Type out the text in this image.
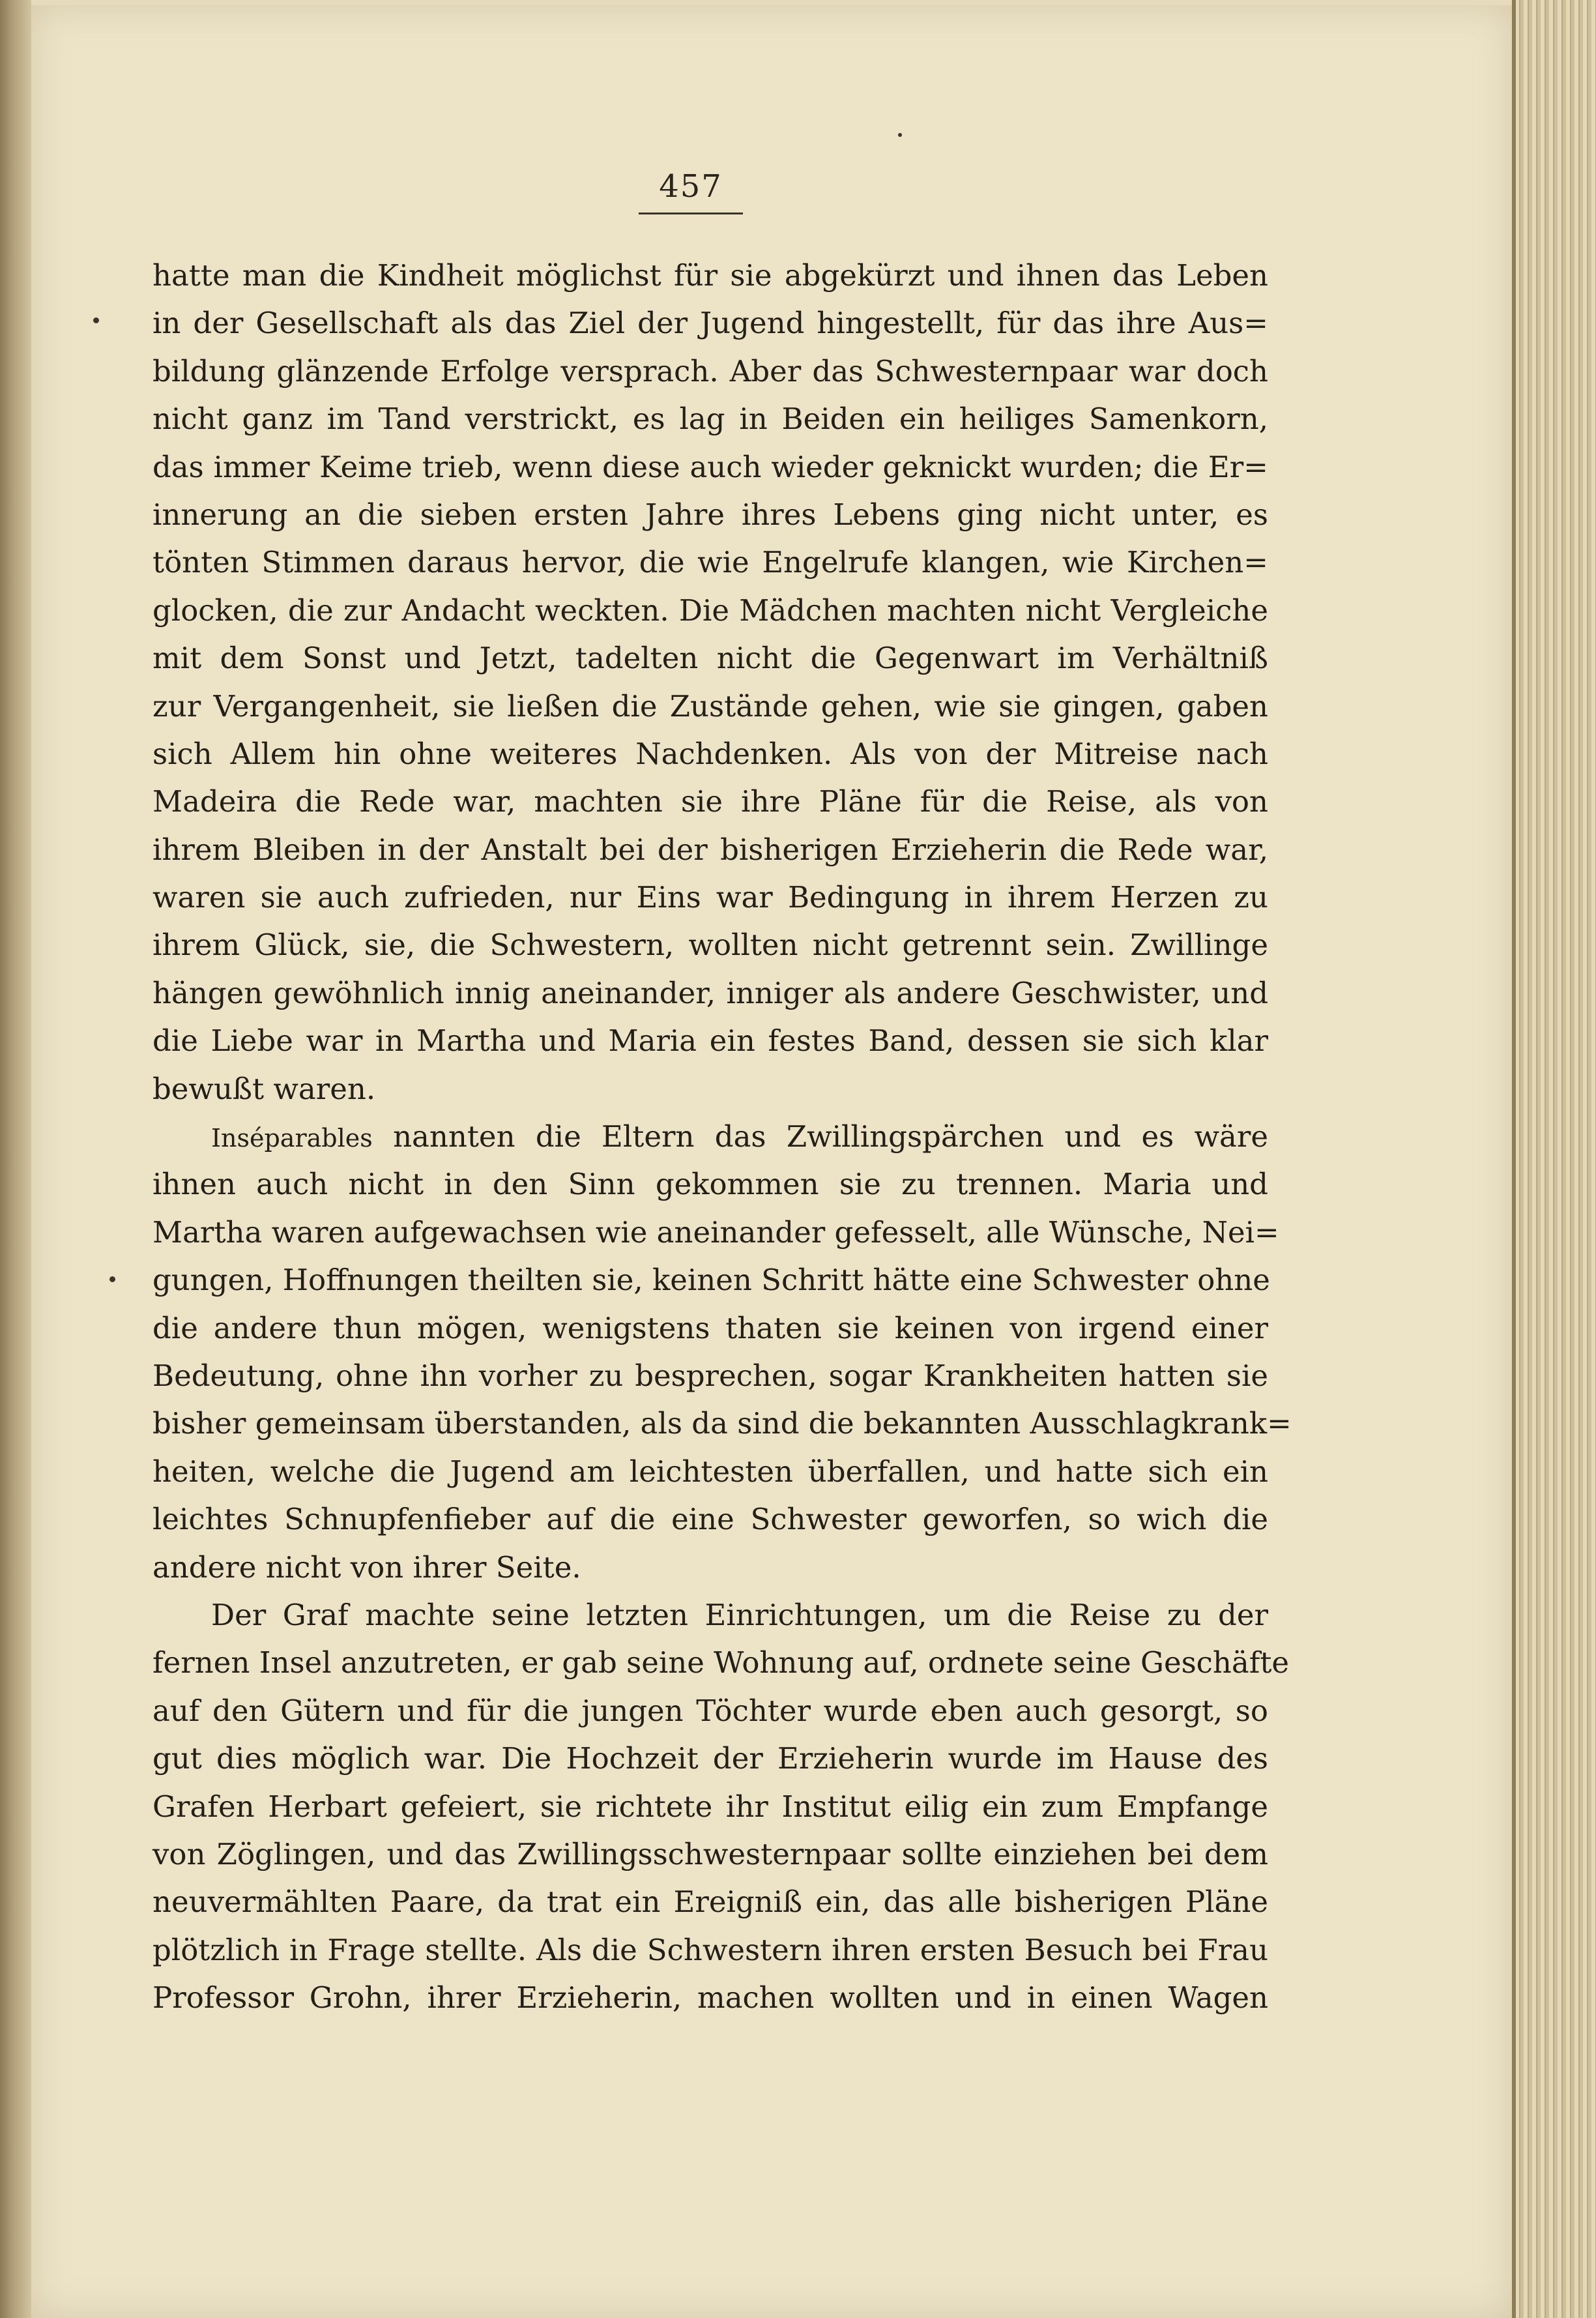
457
hatte man die Kindheit möglichst für sie abgekürzt und ihnen das Leben
in der Gesellschaft als das Ziel der Jugend hingestellt, für das ihre Aus=
bildung glänzende Erfolge versprach. Aber das Schwesternpaar war doch
nicht ganz im Tand verstrickt, es lag in Beiden ein heiliges Samenkorn,
das immer Keime trieb, wenn diese auch wieder geknickt wurden; die Er=
innerung an die sieben ersten Jahre ihres Lebens ging nicht unter, es
tönten Stimmen daraus hervor, die wie Engelrufe klangen, wie Kirchen=
glocken, die zur Andacht weckten. Die Mädchen machten nicht Vergleiche
mit dem Sonst und Jetzt, tadelten nicht die Gegenwart im Verhältniß
zur Vergangenheit, sie ließen die Zustände gehen, wie sie gingen, gaben
sich Allem hin ohne weiteres Nachdenken. Als von der Mitreise nach
Madeira die Rede war, machten sie ihre Pläne für die Reise, als von
ihrem Bleiben in der Anstalt bei der bisherigen Erzieherin die Rede war,
waren sie auch zufrieden, nur Eins war Bedingung in ihrem Herzen zu
ihrem Glück, sie, die Schwestern, wollten nicht getrennt sein. Zwillinge
hängen gewöhnlich innig aneinander, inniger als andere Geschwister, und
die Liebe war in Martha und Maria ein festes Band, dessen sie sich klar
bewußt waren.
Inséparables nannten die Eltern das Zwillingspärchen und es wäre
ihnen auch nicht in den Sinn gekommen sie zu trennen. Maria und
Martha waren aufgewachsen wie aneinander gefesselt, alle Wünsche, Nei=
gungen, Hoffnungen theilten sie, keinen Schritt hätte eine Schwester ohne
die andere thun mögen, wenigstens thaten sie keinen von irgend einer
Bedeutung, ohne ihn vorher zu besprechen, sogar Krankheiten hatten sie
bisher gemeinsam überstanden, als da sind die bekannten Ausschlagkrank=
heiten, welche die Jugend am leichtesten überfallen, und hatte sich ein
leichtes Schnupfenfieber auf die eine Schwester geworfen, so wich die
andere nicht von ihrer Seite.
Der Graf machte seine letzten Einrichtungen, um die Reise zu der
fernen Insel anzutreten, er gab seine Wohnung auf, ordnete seine Geschäfte
auf den Gütern und für die jungen Töchter wurde eben auch gesorgt, so
gut dies möglich war. Die Hochzeit der Erzieherin wurde im Hause des
Grafen Herbart gefeiert, sie richtete ihr Institut eilig ein zum Empfange
von Zöglingen, und das Zwillingsschwesternpaar sollte einziehen bei dem
neuvermählten Paare, da trat ein Ereigniß ein, das alle bisherigen Pläne
plötzlich in Frage stellte. Als die Schwestern ihren ersten Besuch bei Frau
Professor Grohn, ihrer Erzieherin, machen wollten und in einen Wagen
